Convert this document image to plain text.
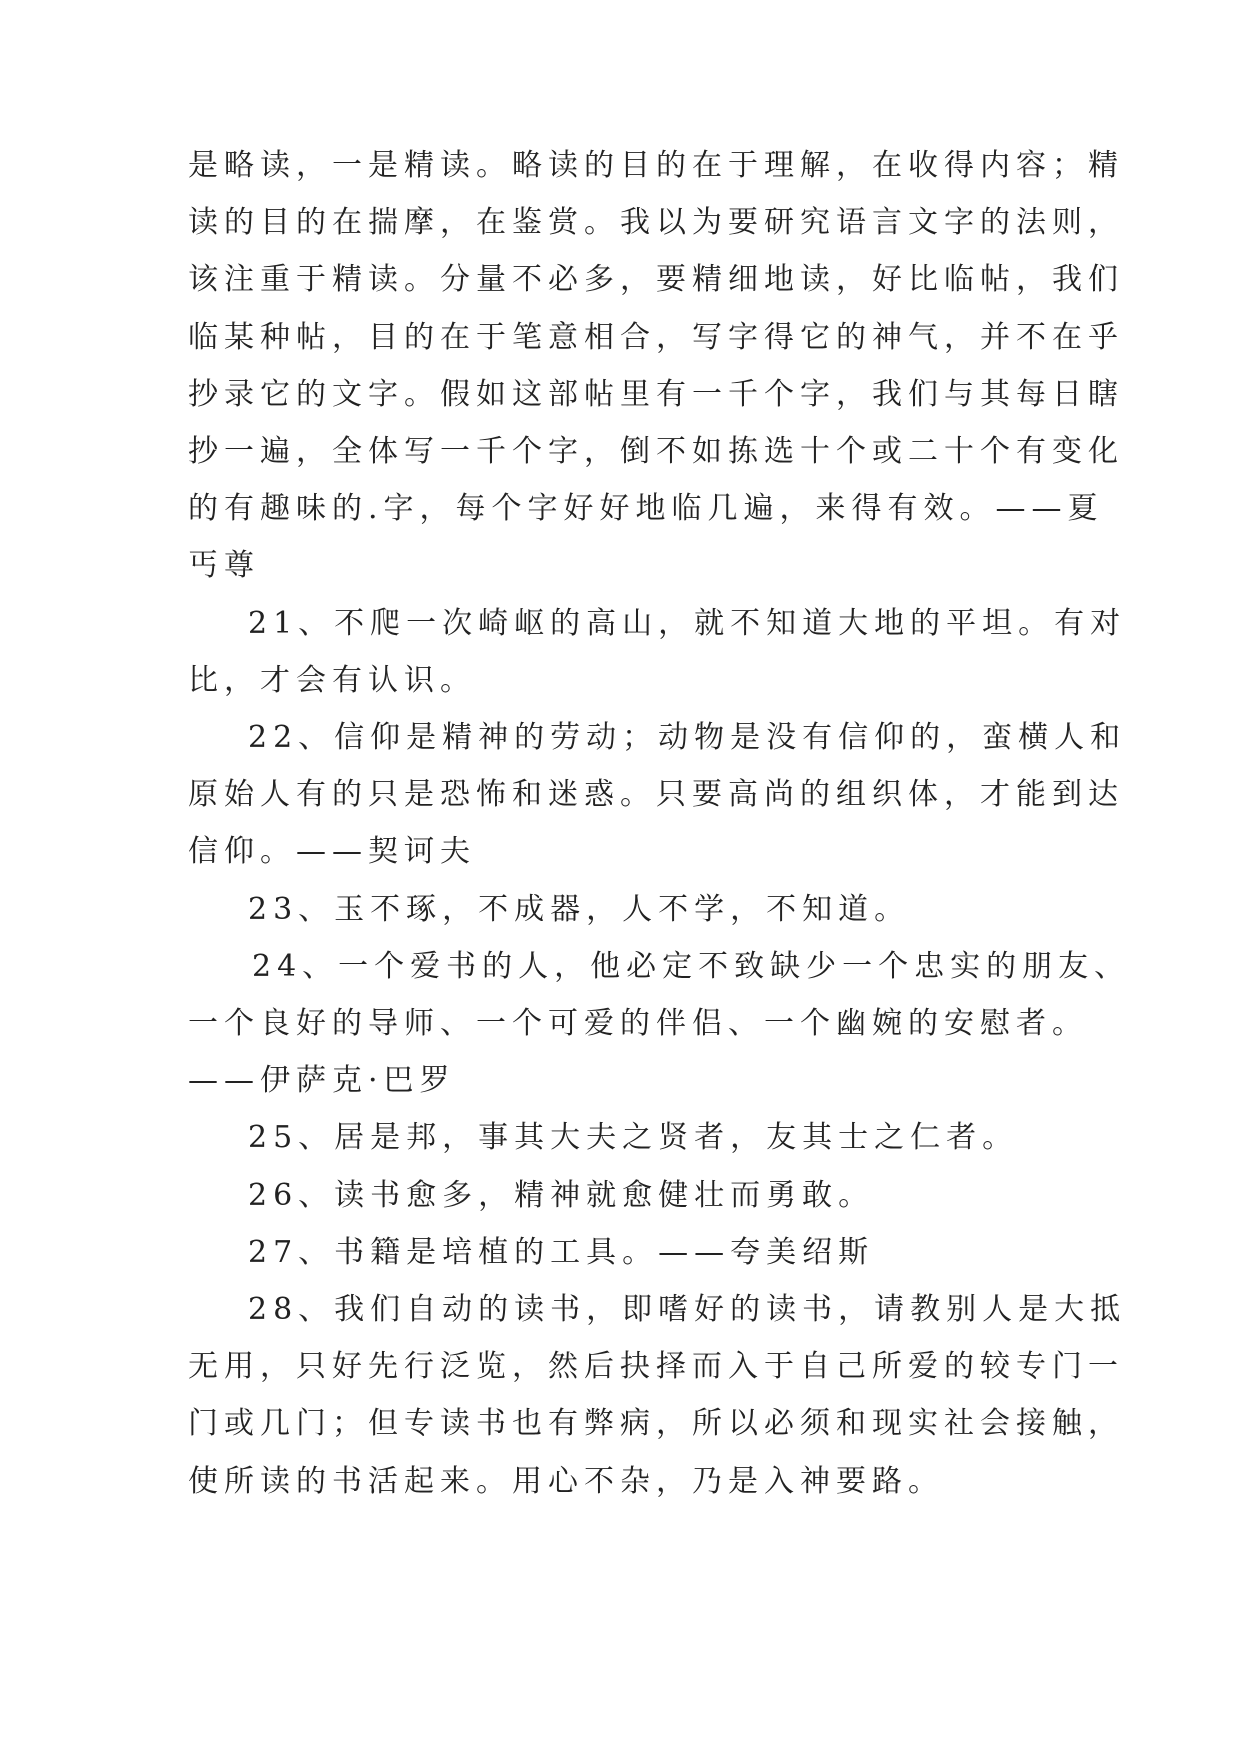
是略读，一是精读。略读的目的在于理解，在收得内容；精
读的目的在揣摩，在鉴赏。我以为要研究语言文字的法则，
该注重于精读。分量不必多，要精细地读，好比临帖，我们
临某种帖，目的在于笔意相合，写字得它的神气，并不在乎
抄录它的文字。假如这部帖里有一千个字，我们与其每日瞎
抄一遍，全体写一千个字，倒不如拣选十个或二十个有变化
的有趣味的.字，每个字好好地临几遍，来得有效。——夏
丐尊
21、不爬一次崎岖的高山，就不知道大地的平坦。有对
比，才会有认识。
22、信仰是精神的劳动；动物是没有信仰的，蛮横人和
原始人有的只是恐怖和迷惑。只要高尚的组织体，才能到达
信仰。——契诃夫
23、玉不琢，不成器，人不学，不知道。
24、一个爱书的人，他必定不致缺少一个忠实的朋友、
一个良好的导师、一个可爱的伴侣、一个幽婉的安慰者。
——伊萨克·巴罗
25、居是邦，事其大夫之贤者，友其士之仁者。
26、读书愈多，精神就愈健壮而勇敢。
27、书籍是培植的工具。——夸美绍斯
28、我们自动的读书，即嗜好的读书，请教别人是大抵
无用，只好先行泛览，然后抉择而入于自己所爱的较专门一
门或几门；但专读书也有弊病，所以必须和现实社会接触，
使所读的书活起来。用心不杂，乃是入神要路。
